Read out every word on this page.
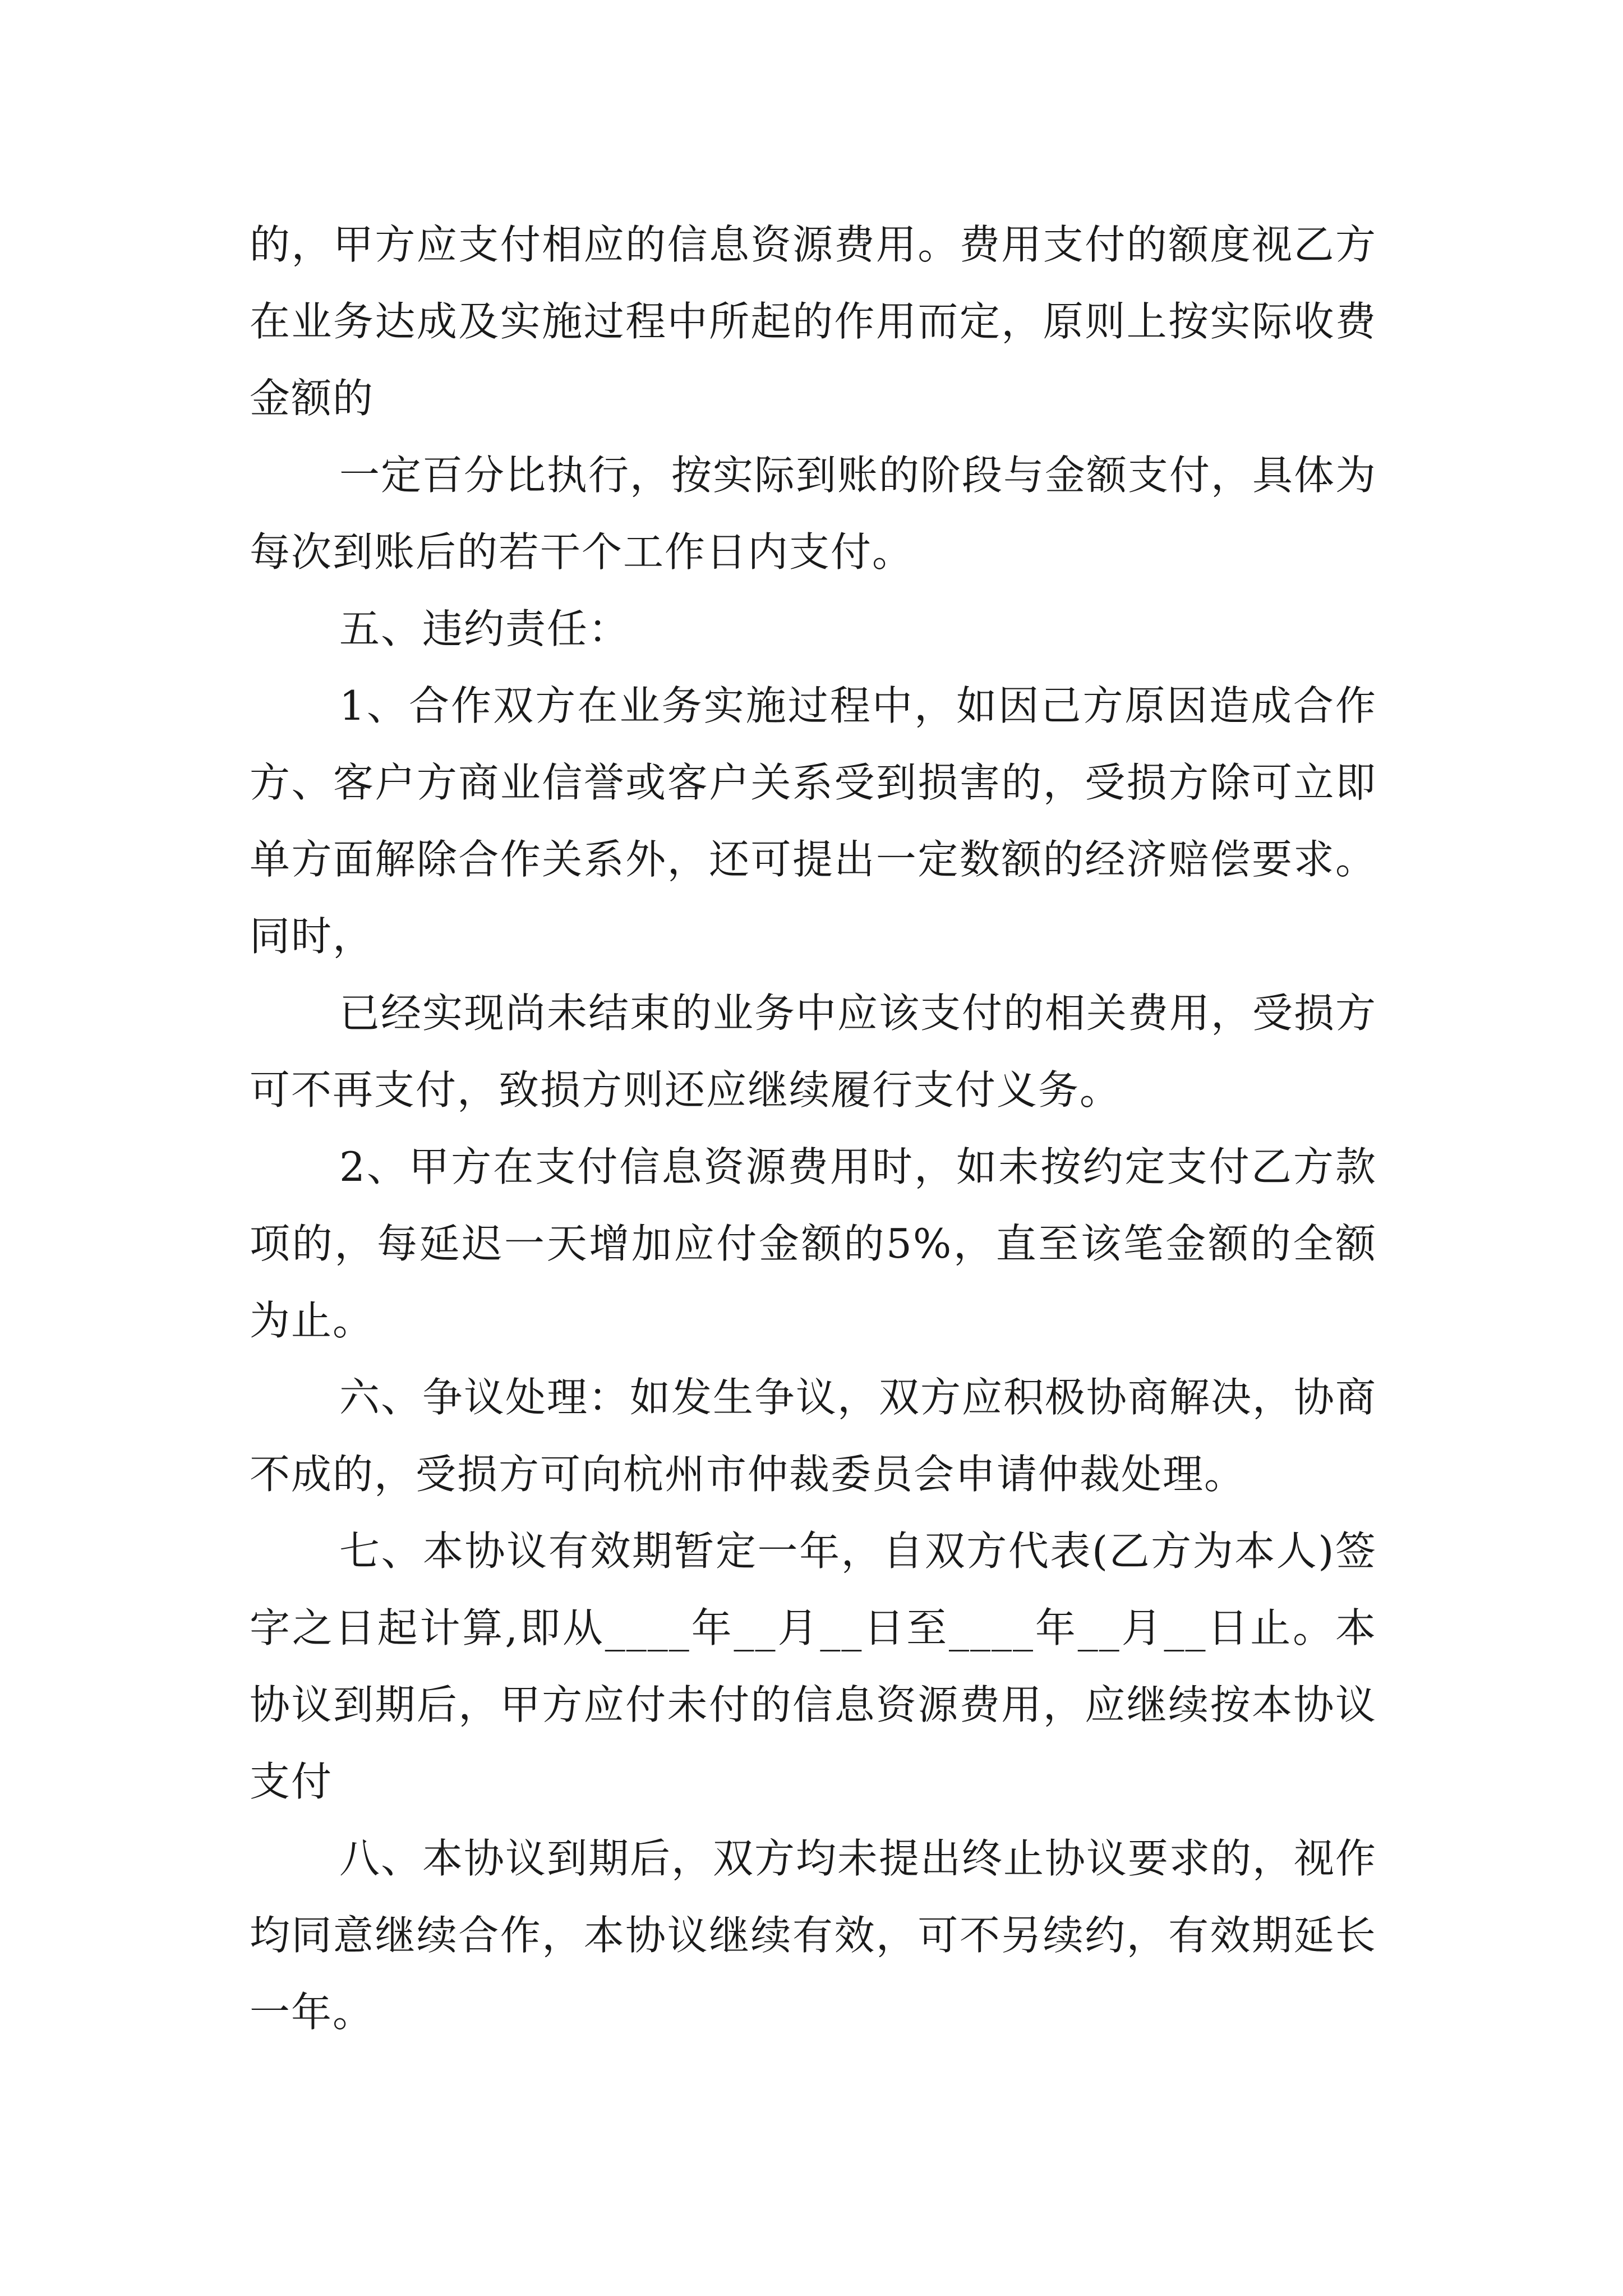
的，甲方应支付相应的信息资源费用。费用支付的额度视乙方在业务达成及实施过程中所起的作用而定，原则上按实际收费金额的

一定百分比执行，按实际到账的阶段与金额支付，具体为每次到账后的若干个工作日内支付。

五、违约责任：

1、合作双方在业务实施过程中，如因己方原因造成合作方、客户方商业信誉或客户关系受到损害的，受损方除可立即单方面解除合作关系外，还可提出一定数额的经济赔偿要求。同时，

已经实现尚未结束的业务中应该支付的相关费用，受损方可不再支付，致损方则还应继续履行支付义务。

2、甲方在支付信息资源费用时，如未按约定支付乙方款项的，每延迟一天增加应付金额的5%，直至该笔金额的全额为止。

六、争议处理：如发生争议，双方应积极协商解决，协商不成的，受损方可向杭州市仲裁委员会申请仲裁处理。

七、本协议有效期暂定一年，自双方代表(乙方为本人)签字之日起计算,即从____年__月__日至____年__月__日止。本协议到期后，甲方应付未付的信息资源费用，应继续按本协议支付

八、本协议到期后，双方均未提出终止协议要求的，视作均同意继续合作，本协议继续有效，可不另续约，有效期延长一年。
